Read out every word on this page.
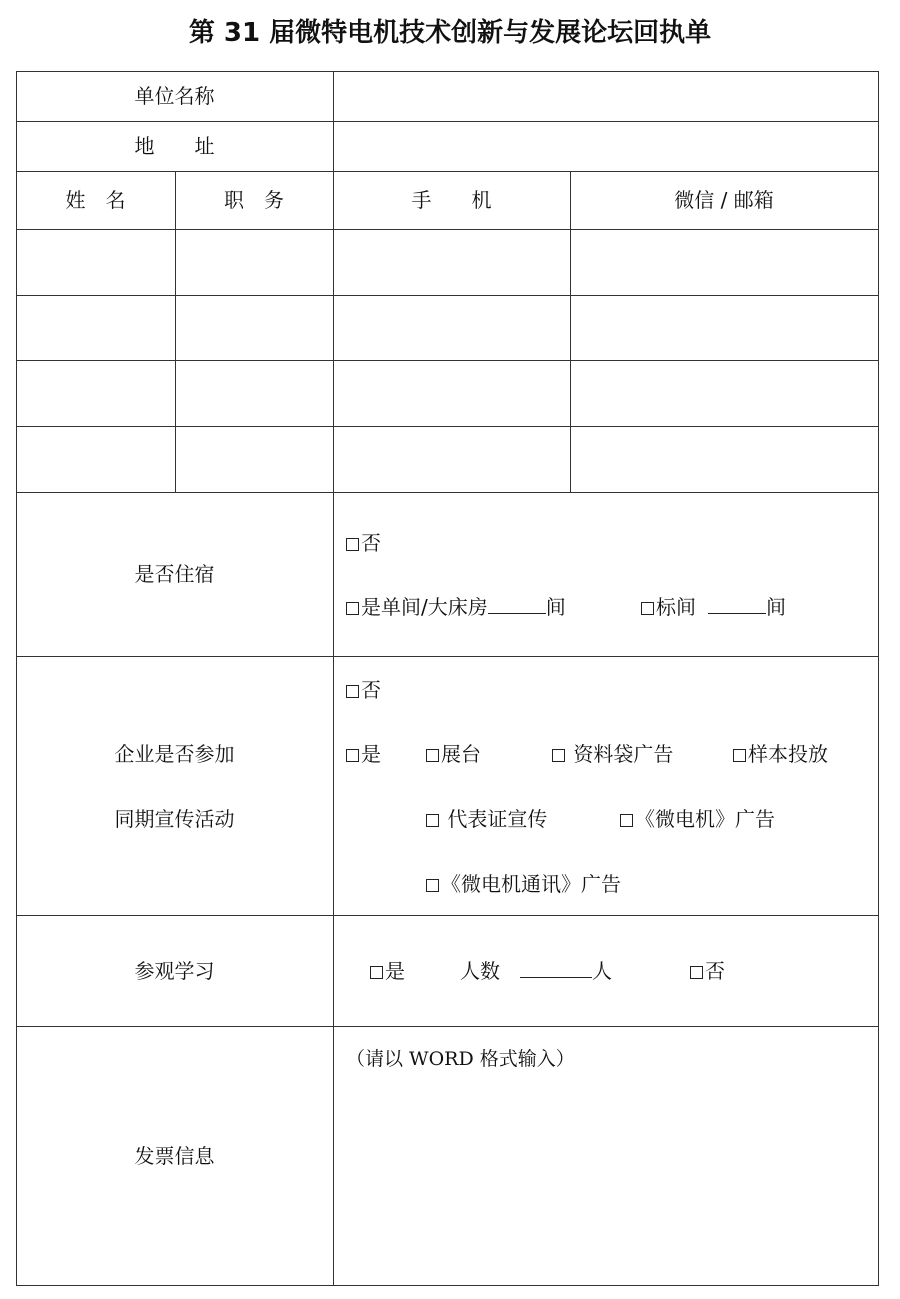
第 31 届微特电机技术创新与发展论坛回执单
单位名称
地　　址
姓　名	职　务	手　　机	微信 / 邮箱
是否住宿
否
是单间/大床房	间	标间	间
企业是否参加
同期宣传活动
否
是	展台	资料袋广告	样本投放
代表证宣传	《微电机》广告
《微电机通讯》广告
参观学习	是	人数	人	否
发票信息
（请以 WORD 格式输入）
